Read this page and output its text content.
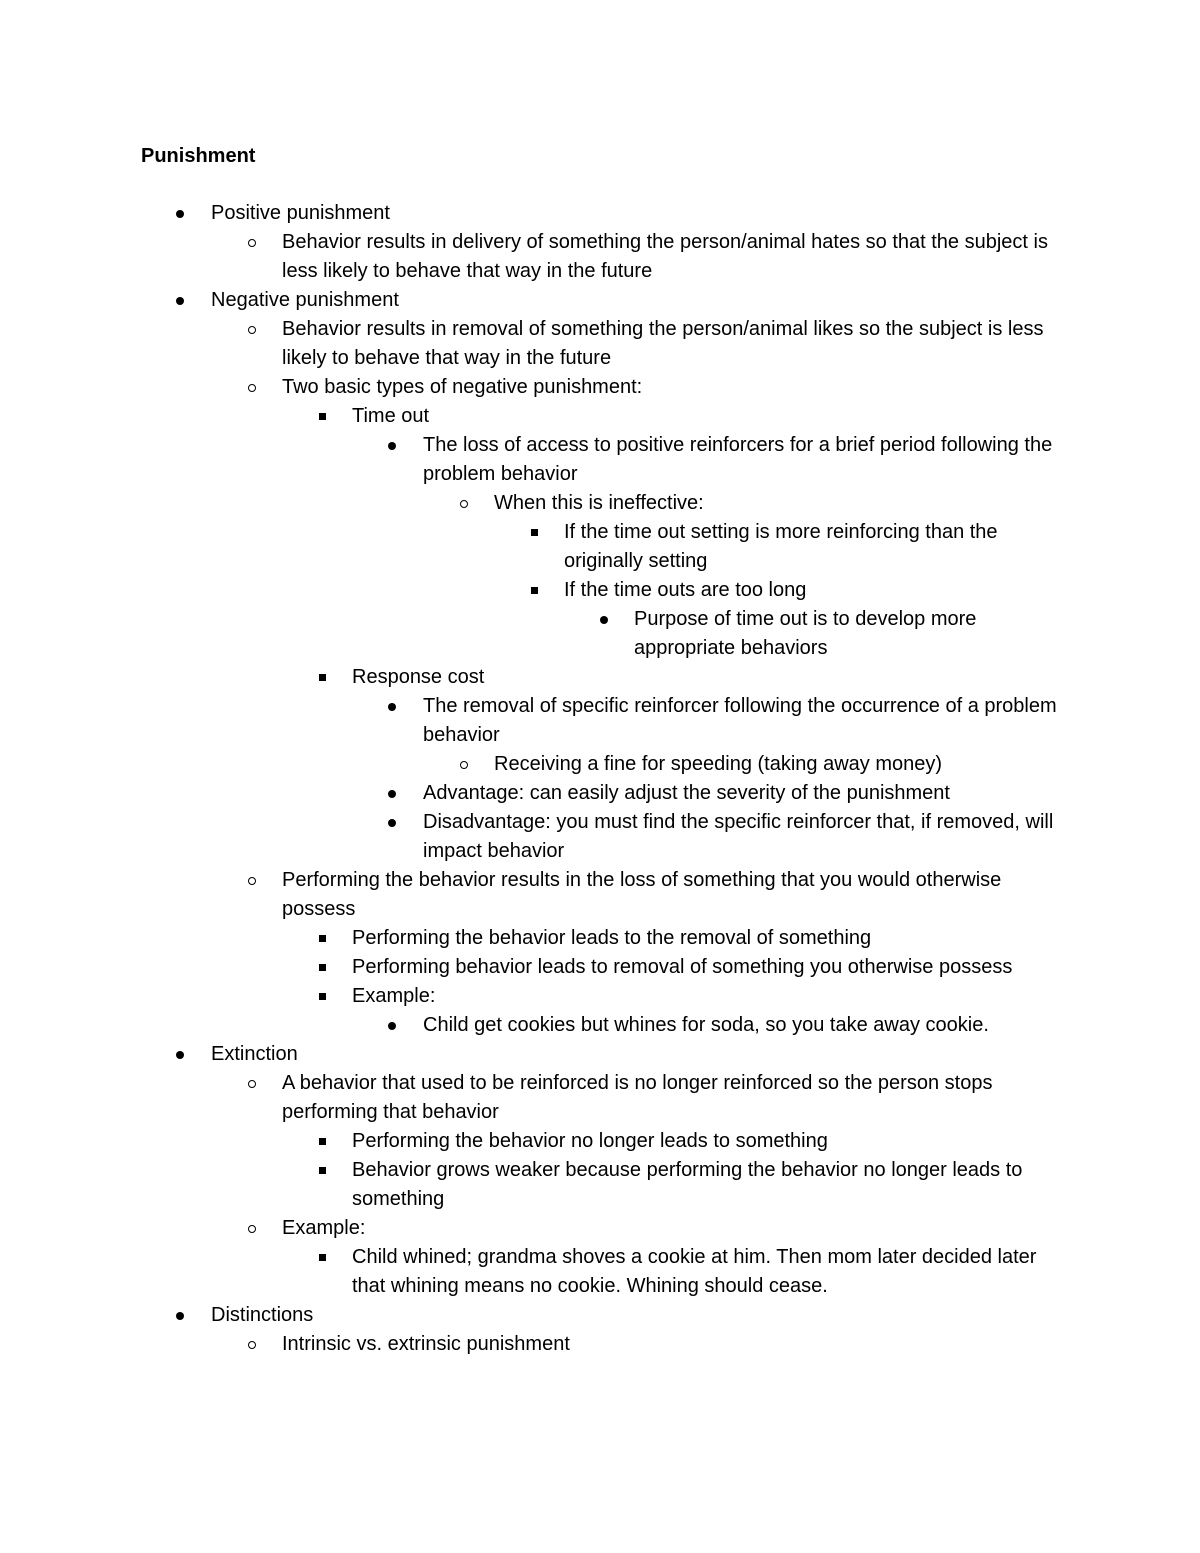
Punishment
Positive punishment
Behavior results in delivery of something the person/animal hates so that the subject is less likely to behave that way in the future
Negative punishment
Behavior results in removal of something the person/animal likes so the subject is less likely to behave that way in the future
Two basic types of negative punishment:
Time out
The loss of access to positive reinforcers for a brief period following the problem behavior
When this is ineffective:
If the time out setting is more reinforcing than the originally setting
If the time outs are too long
Purpose of time out is to develop more appropriate behaviors
Response cost
The removal of specific reinforcer following the occurrence of a problem behavior
Receiving a fine for speeding (taking away money)
Advantage: can easily adjust the severity of the punishment
Disadvantage: you must find the specific reinforcer that, if removed, will impact behavior
Performing the behavior results in the loss of something that you would otherwise possess
Performing the behavior leads to the removal of something
Performing behavior leads to removal of something you otherwise possess
Example:
Child get cookies but whines for soda, so you take away cookie.
Extinction
A behavior that used to be reinforced is no longer reinforced so the person stops performing that behavior
Performing the behavior no longer leads to something
Behavior grows weaker because performing the behavior no longer leads to something
Example:
Child whined; grandma shoves a cookie at him. Then mom later decided later that whining means no cookie. Whining should cease.
Distinctions
Intrinsic vs. extrinsic punishment
